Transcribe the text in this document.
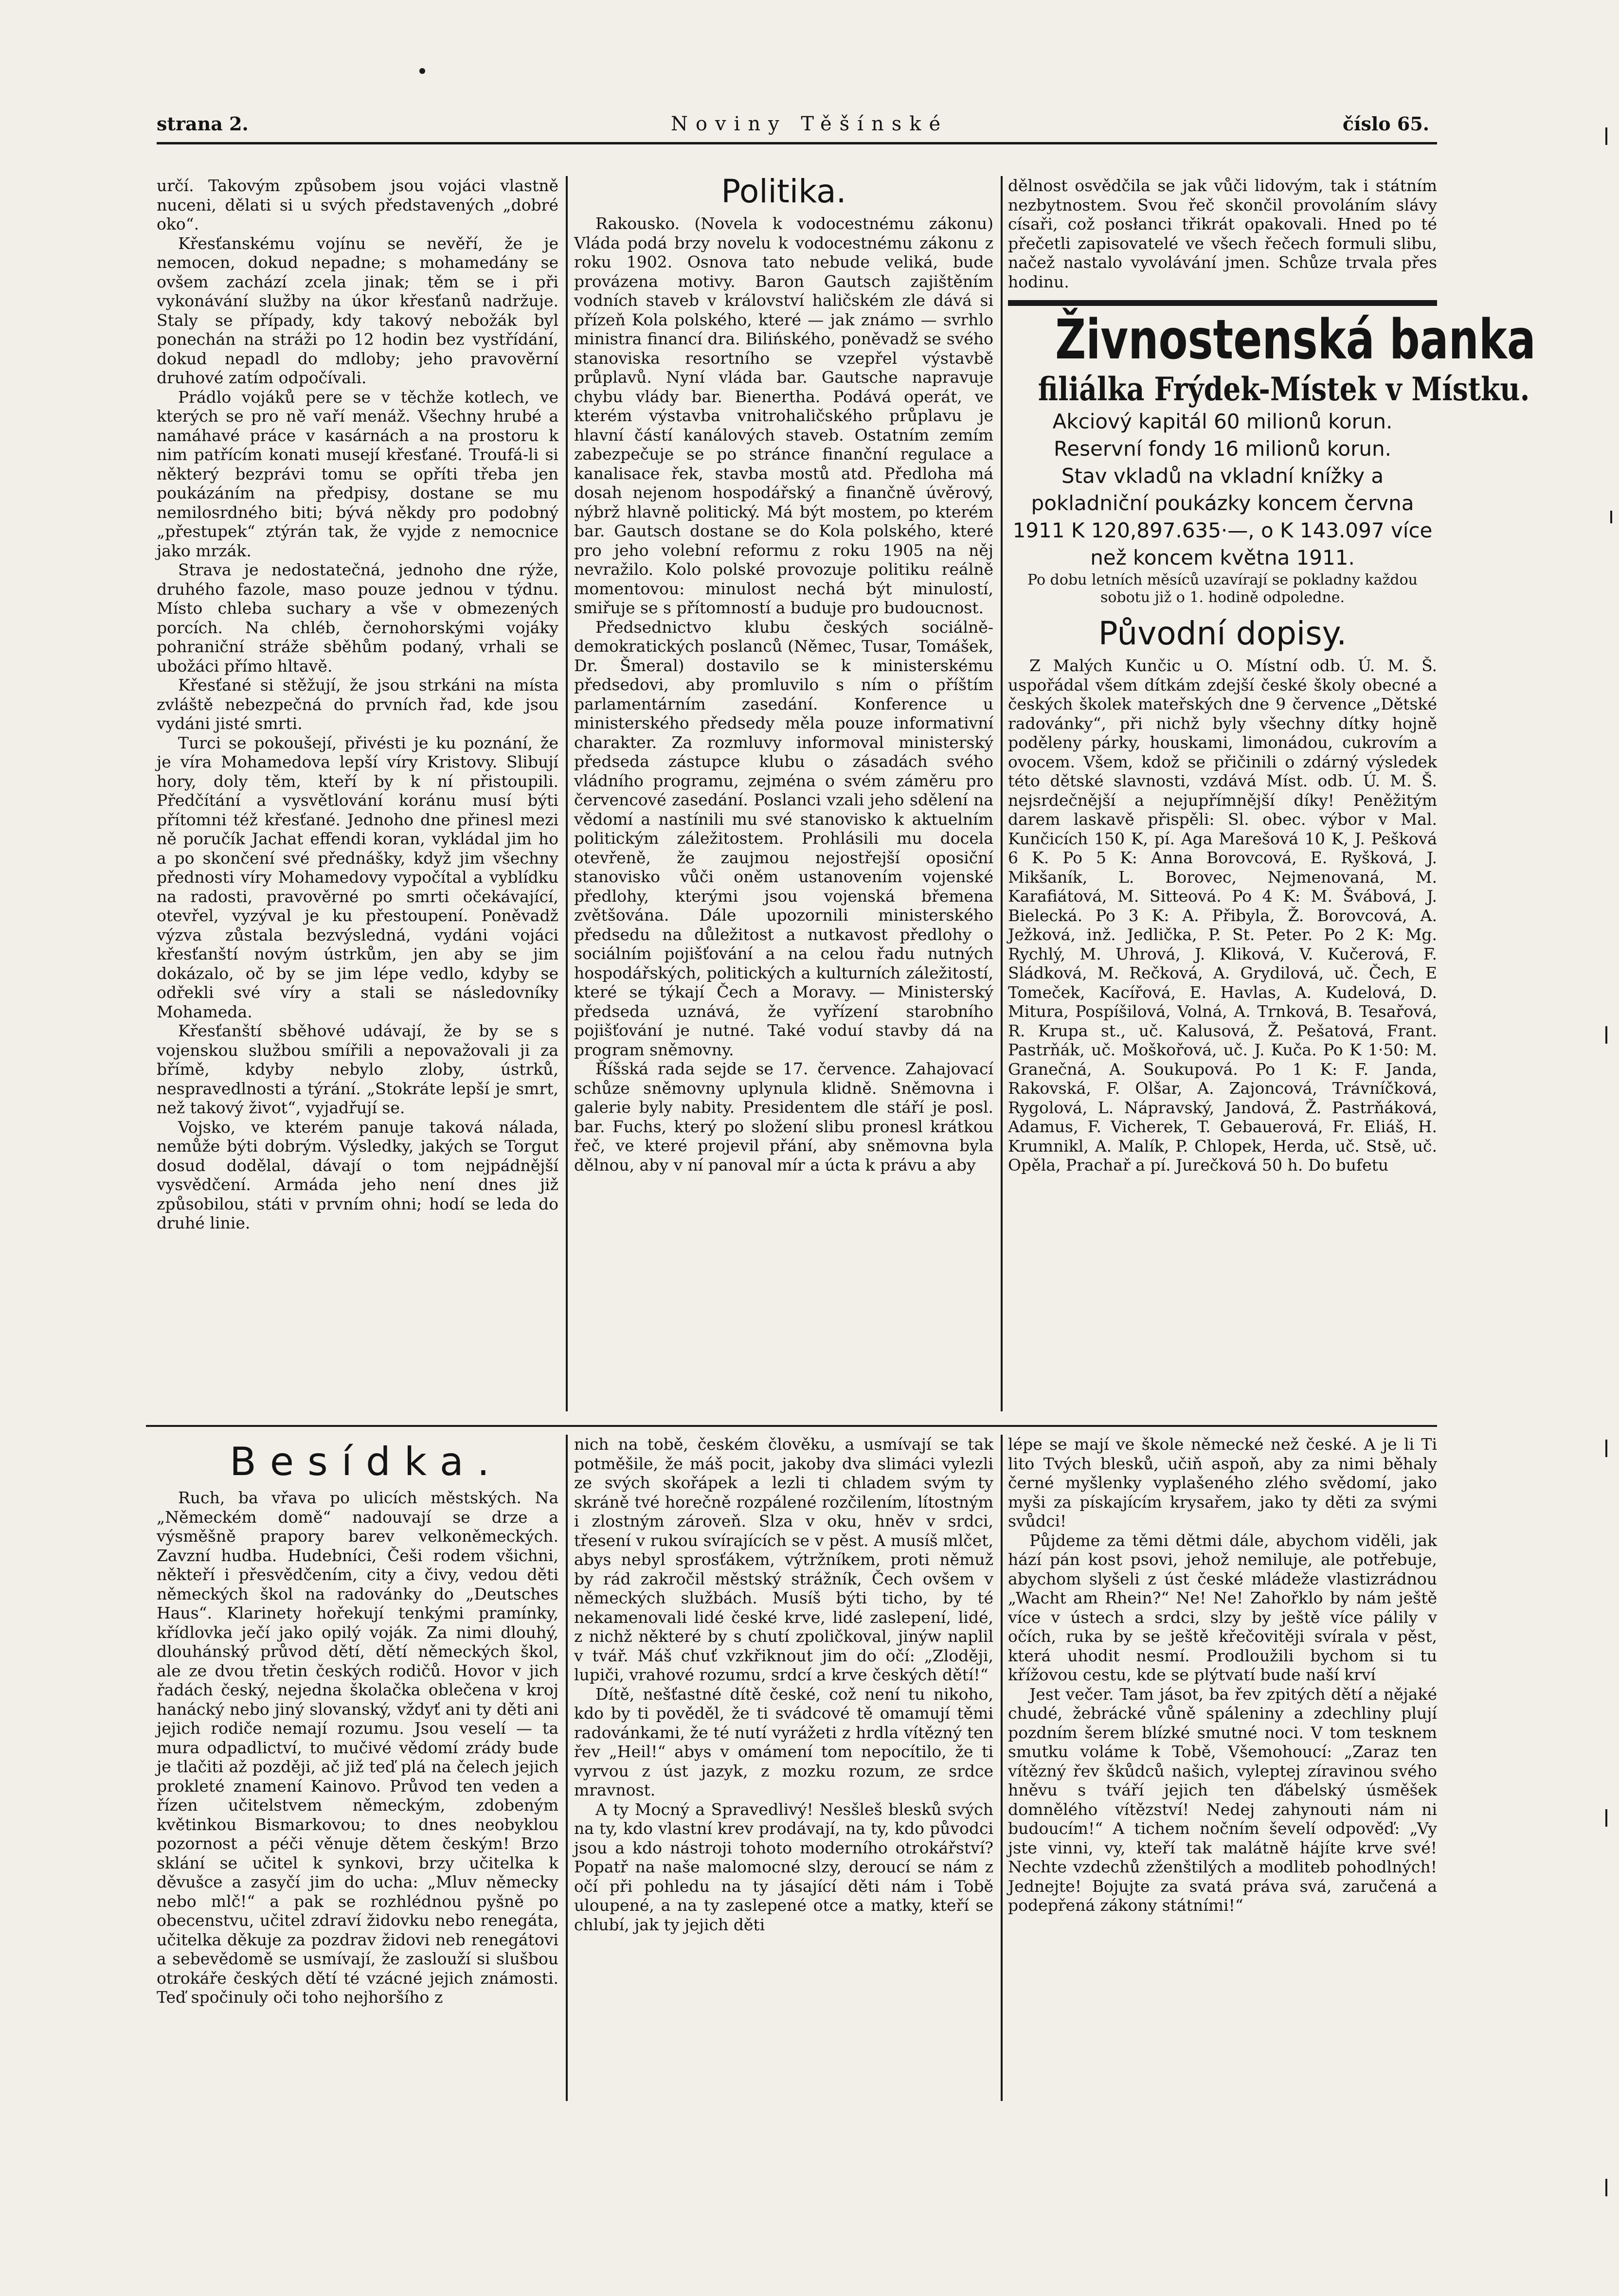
strana 2.	Noviny Těšínské	číslo 65.

určí. Takovým způsobem jsou vojáci vlastně nuceni, dělati si u svých představených „dobré oko“.

Křesťanskému vojínu se nevěří, že je nemocen, dokud nepadne; s mohamedány se ovšem zachází zcela jinak; těm se i při vykonávání služby na úkor křesťanů nadržuje. Staly se případy, kdy takový nebožák byl ponechán na stráži po 12 hodin bez vystřídání, dokud nepadl do mdloby; jeho pravověrní druhové zatím odpočívali.

Prádlo vojáků pere se v těchže kotlech, ve kterých se pro ně vaří menáž. Všechny hrubé a namáhavé práce v kasárnách a na prostoru k nim patřícím konati musejí křesťané. Troufá-li si některý bezprávi tomu se opříti třeba jen poukázáním na předpisy, dostane se mu nemilosrdného biti; bývá někdy pro podobný „přestupek“ ztýrán tak, že vyjde z nemocnice jako mrzák.

Strava je nedostatečná, jednoho dne rýže, druhého fazole, maso pouze jednou v týdnu. Místo chleba suchary a vše v obmezených porcích. Na chléb, černohorskými vojáky pohraniční stráže sběhům podaný, vrhali se ubožáci přímo hltavě.

Křesťané si stěžují, že jsou strkáni na místa zvláště nebezpečná do prvních řad, kde jsou vydáni jisté smrti.

Turci se pokoušejí, přivésti je ku poznání, že je víra Mohamedova lepší víry Kristovy. Slibují hory, doly těm, kteří by k ní přistoupili. Předčítání a vysvětlování koránu musí býti přítomni též křesťané. Jednoho dne přinesl mezi ně poručík Jachat effendi koran, vykládal jim ho a po skončení své přednášky, když jim všechny přednosti víry Mohamedovy vypočítal a vyblídku na radosti, pravověrné po smrti očekávající, otevřel, vyzýval je ku přestoupení. Poněvadž výzva zůstala bezvýsledná, vydáni vojáci křesťanští novým ústrkům, jen aby se jim dokázalo, oč by se jim lépe vedlo, kdyby se odřekli své víry a stali se následovníky Mohameda.

Křesťanští sběhové udávají, že by se s vojenskou službou smířili a nepovažovali ji za břímě, kdyby nebylo zloby, ústrků, nespravedlnosti a týrání. „Stokráte lepší je smrt, než takový život“, vyjadřují se.

Vojsko, ve kterém panuje taková nálada, nemůže býti dobrým. Výsledky, jakých se Torgut dosud dodělal, dávají o tom nejpádnější vysvědčení. Armáda jeho není dnes již způsobilou, státi v prvním ohni; hodí se leda do druhé linie.

Politika.

Rakousko. (Novela k vodocestnému zákonu) Vláda podá brzy novelu k vodocestnému zákonu z roku 1902. Osnova tato nebude veliká, bude provázena motivy. Baron Gautsch zajištěním vodních staveb v království haličském zle dává si přízeň Kola polského, které — jak známo — svrhlo ministra financí dra. Bilińského, poněvadž se svého stanoviska resortního se vzepřel výstavbě průplavů. Nyní vláda bar. Gautsche napravuje chybu vlády bar. Bienertha. Podává operát, ve kterém výstavba vnitrohaličského průplavu je hlavní částí kanálových staveb. Ostatním zemím zabezpečuje se po stránce finanční regulace a kanalisace řek, stavba mostů atd. Předloha má dosah nejenom hospodářský a finančně úvěrový, nýbrž hlavně politický. Má být mostem, po kterém bar. Gautsch dostane se do Kola polského, které pro jeho volební reformu z roku 1905 na něj nevražilo. Kolo polské provozuje politiku reálně momentovou: minulost nechá být minulostí, smiřuje se s přítomností a buduje pro budoucnost.

Předsednictvo klubu českých sociálně-demokratických poslanců (Němec, Tusar, Tomášek, Dr. Šmeral) dostavilo se k ministerskému předsedovi, aby promluvilo s ním o příštím parlamentárním zasedání. Konference u ministerského předsedy měla pouze informativní charakter. Za rozmluvy informoval ministerský předseda zástupce klubu o zásadách svého vládního programu, zejména o svém záměru pro červencové zasedání. Poslanci vzali jeho sdělení na vědomí a nastínili mu své stanovisko k aktuelním politickým záležitostem. Prohlásili mu docela otevřeně, že zaujmou nejostřejší oposiční stanovisko vůči oněm ustanovením vojenské předlohy, kterými jsou vojenská břemena zvětšována. Dále upozornili ministerského předsedu na důležitost a nutkavost předlohy o sociálním pojišťování a na celou řadu nutných hospodářských, politických a kulturních záležitostí, které se týkají Čech a Moravy. — Ministerský předseda uznává, že vyřízení starobního pojišťování je nutné. Také voduí stavby dá na program sněmovny.

Říšská rada sejde se 17. července. Zahajovací schůze sněmovny uplynula klidně. Sněmovna i galerie byly nabity. Presidentem dle stáří je posl. bar. Fuchs, který po složení slibu pronesl krátkou řeč, ve které projevil přání, aby sněmovna byla dělnou, aby v ní panoval mír a úcta k právu a aby

dělnost osvědčila se jak vůči lidovým, tak i státním nezbytnostem. Svou řeč skončil provoláním slávy císaři, což posłanci třikrát opakovali. Hned po té přečetli zapisovatelé ve všech řečech formuli slibu, načež nastalo vyvolávání jmen. Schůze trvala přes hodinu.

Živnostenská banka
filiálka Frýdek-Místek v Místku.
Akciový kapitál 60 milionů korun.
Reservní fondy 16 milionů korun.
Stav vkladů na vkladní knížky a pokladniční poukázky koncem června 1911 K 120,897.635·—, o K 143.097 více než koncem května 1911.
Po dobu letních měsíců uzavírají se pokladny každou sobotu již o 1. hodině odpoledne.
Původní dopisy.

Z Malých Kunčic u O. Místní odb. Ú. M. Š. uspořádal všem dítkám zdejší české školy obecné a českých školek mateřských dne 9 července „Dětské radovánky“, při nichž byly všechny dítky hojně poděleny párky, houskami, limonádou, cukrovím a ovocem. Všem, kdož se přičinili o zdárný výsledek této dětské slavnosti, vzdává Míst. odb. Ú. M. Š. nejsrdečnější a nejupřímnější díky! Peněžitým darem laskavě přispěli: Sl. obec. výbor v Mal. Kunčicích 150 K, pí. Aga Marešová 10 K, J. Pešková 6 K. Po 5 K: Anna Borovcová, E. Ryšková, J. Mikšaník, L. Borovec, Nejmenovaná, M. Karafiátová, M. Sitteová. Po 4 K: M. Švábová, J. Bielecká. Po 3 K: A. Přibyla, Ž. Borovcová, A. Ježková, inž. Jedlička, P. St. Peter. Po 2 K: Mg. Rychlý, M. Uhrová, J. Kliková, V. Kučerová, F. Sládková, M. Rečková, A. Grydilová, uč. Čech, E Tomeček, Kacířová, E. Havlas, A. Kudelová, D. Mitura, Pospíšilová, Volná, A. Trnková, B. Tesařová, R. Krupa st., uč. Kalusová, Ž. Pešatová, Frant. Pastrňák, uč. Moškořová, uč. J. Kuča. Po K 1·50: M. Granečná, A. Soukupová. Po 1 K: F. Janda, Rakovská, F. Olšar, A. Zajoncová, Trávníčková, Rygolová, L. Nápravský, Jandová, Ž. Pastrňáková, Adamus, F. Vicherek, T. Gebauerová, Fr. Eliáš, H. Krumnikl, A. Malík, P. Chlopek, Herda, uč. Stsě, uč. Opěla, Prachař a pí. Jurečková 50 h. Do bufetu

Besídka.

Ruch, ba vřava po ulicích městských. Na „Německém domě“ nadouvají se drze a výsměšně prapory barev velkoněmeckých. Zavzní hudba. Hudebníci, Češi rodem všichni, někteří i přesvědčením, city a čivy, vedou děti německých škol na radovánky do „Deutsches Haus“. Klarinety hořekují tenkými pramínky, křídlovka ječí jako opilý voják. Za nimi dlouhý, dlouhánský průvod dětí, dětí německých škol, ale ze dvou třetin českých rodičů. Hovor v jich řadách český, nejedna školačka oblečena v kroj hanácký nebo jiný slovanský, vždyť ani ty děti ani jejich rodiče nemají rozumu. Jsou veselí — ta mura odpadlictví, to mučivé vědomí zrády bude je tlačiti až později, ač již teď plá na čelech jejich prokleté znamení Kainovo. Průvod ten veden a řízen učitelstvem německým, zdobeným květinkou Bismarkovou; to dnes neobyklou pozornost a péči věnuje dětem českým! Brzo sklání se učitel k synkovi, brzy učitelka k děvušce a zasyčí jim do ucha: „Mluv německy nebo mlč!“ a pak se rozhlédnou pyšně po obecenstvu, učitel zdraví židovku nebo renegáta, učitelka děkuje za pozdrav židovi neb renegátovi a sebevědomě se usmívají, že zaslouží si slušbou otrokáře českých dětí té vzácné jejich známosti. Teď spočinuly oči toho nejhoršího z

nich na tobě, českém člověku, a usmívají se tak potměšile, že máš pocit, jakoby dva slimáci vylezli ze svých skořápek a lezli ti chladem svým ty skráně tvé horečně rozpálené rozčilením, lítostným i zlostným zároveň. Slza v oku, hněv v srdci, třesení v rukou svírajících se v pěst. A musíš mlčet, abys nebyl sprosťákem, výtržníkem, proti němuž by rád zakročil městský strážník, Čech ovšem v německých službách. Musíš býti ticho, by té nekamenovali lidé české krve, lidé zaslepení, lidé, z nichž některé by s chutí zpoličkoval, jinýw naplil v tvář. Máš chuť vzkřiknout jim do očí: „Zloději, lupiči, vrahové rozumu, srdcí a krve českých dětí!“

Dítě, nešťastné dítě české, což není tu nikoho, kdo by ti pověděl, že ti svádcové tě omamují těmi radovánkami, že té nutí vyrážeti z hrdla vítězný ten řev „Heil!“ abys v omámení tom nepocítilo, že ti vyrvou z úst jazyk, z mozku rozum, ze srdce mravnost.

A ty Mocný a Spravedlivý! Nesšleš blesků svých na ty, kdo vlastní krev prodávají, na ty, kdo původci jsou a kdo nástroji tohoto moderního otrokářství? Popatř na naše malomocné slzy, deroucí se nám z očí při pohledu na ty jásající děti nám i Tobě uloupené, a na ty zaslepené otce a matky, kteří se chlubí, jak ty jejich děti

lépe se mají ve škole německé než české. A je li Ti lito Tvých blesků, učiň aspoň, aby za nimi běhaly černé myšlenky vyplašeného zlého svědomí, jako myši za pískajícím krysařem, jako ty děti za svými svůdci!

Půjdeme za těmi dětmi dále, abychom viděli, jak hází pán kost psovi, jehož nemiluje, ale potřebuje, abychom slyšeli z úst české mládeže vlastizrádnou „Wacht am Rhein?“ Ne! Ne! Zahořklo by nám ještě více v ústech a srdci, slzy by ještě více pálily v očích, ruka by se ještě křečovitěji svírala v pěst, která uhodit nesmí. Prodloužili bychom si tu křížovou cestu, kde se plýtvatí bude naší krví

Jest večer. Tam jásot, ba řev zpitých dětí a nějaké chudé, žebrácké vůně spáleniny a zdechliny plují pozdním šerem blízké smutné noci. V tom tesknem smutku voláme k Tobě, Všemohoucí: „Zaraz ten vítězný řev škůdců našich, vyleptej zíravinou svého hněvu s tváří jejich ten ďábelský úsměšek domnělého vítězství! Nedej zahynouti nám ni budoucím!“ A tichem nočním ševelí odpověď: „Vy jste vinni, vy, kteří tak malátně hájíte krve své! Nechte vzdechů zženštilých a modliteb pohodlných! Jednejte! Bojujte za svatá práva svá, zaručená a podepřená zákony státními!“
